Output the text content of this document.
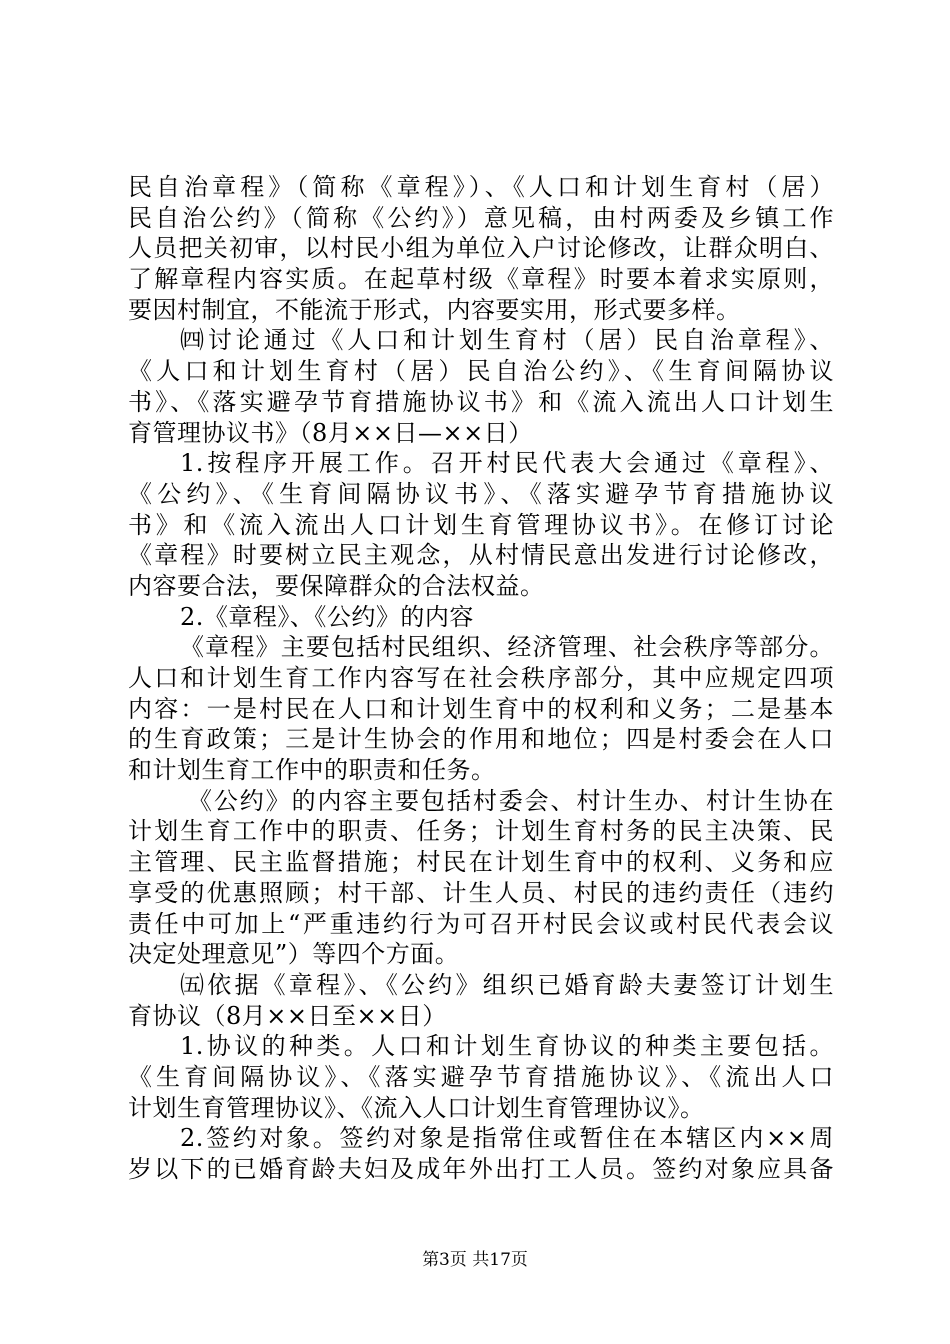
民自治章程》（简称《章程》）、《人口和计划生育村（居）
民自治公约》（简称《公约》）意见稿，由村两委及乡镇工作
人员把关初审，以村民小组为单位入户讨论修改，让群众明白、
了解章程内容实质。在起草村级《章程》时要本着求实原则，
要因村制宜，不能流于形式，内容要实用，形式要多样。
㈣讨论通过《人口和计划生育村（居）民自治章程》、
《人口和计划生育村（居）民自治公约》、《生育间隔协议
书》、《落实避孕节育措施协议书》和《流入流出人口计划生
育管理协议书》（8月××日—××日）
1.按程序开展工作。召开村民代表大会通过《章程》、
《公约》、《生育间隔协议书》、《落实避孕节育措施协议
书》和《流入流出人口计划生育管理协议书》。在修订讨论
《章程》时要树立民主观念，从村情民意出发进行讨论修改，
内容要合法，要保障群众的合法权益。
2.《章程》、《公约》的内容
《章程》主要包括村民组织、经济管理、社会秩序等部分。
人口和计划生育工作内容写在社会秩序部分，其中应规定四项
内容：一是村民在人口和计划生育中的权利和义务；二是基本
的生育政策；三是计生协会的作用和地位；四是村委会在人口
和计划生育工作中的职责和任务。
《公约》的内容主要包括村委会、村计生办、村计生协在
计划生育工作中的职责、任务；计划生育村务的民主决策、民
主管理、民主监督措施；村民在计划生育中的权利、义务和应
享受的优惠照顾；村干部、计生人员、村民的违约责任（违约
责任中可加上“严重违约行为可召开村民会议或村民代表会议
决定处理意见”）等四个方面。
㈤依据《章程》、《公约》组织已婚育龄夫妻签订计划生
育协议（8月××日至××日）
1.协议的种类。人口和计划生育协议的种类主要包括。
《生育间隔协议》、《落实避孕节育措施协议》、《流出人口
计划生育管理协议》、《流入人口计划生育管理协议》。
2.签约对象。签约对象是指常住或暂住在本辖区内××周
岁以下的已婚育龄夫妇及成年外出打工人员。签约对象应具备
第3页 共17页
